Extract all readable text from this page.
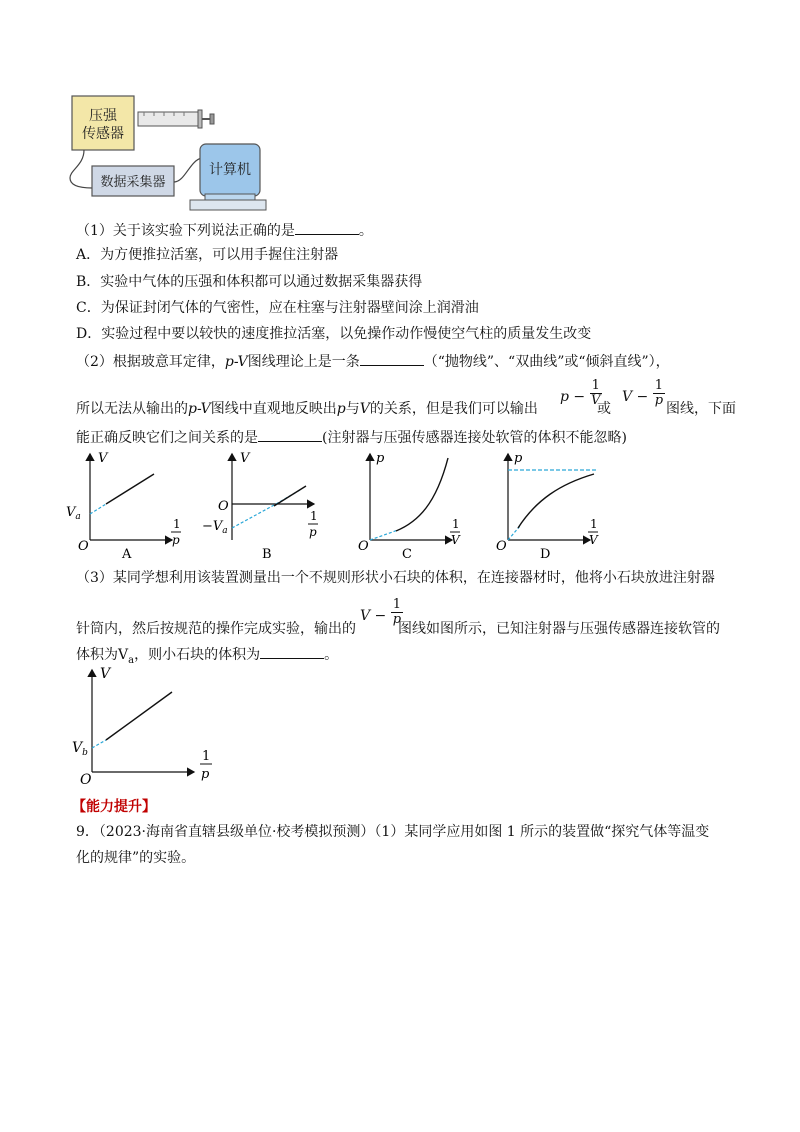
压强
传感器
数据采集器
计算机
（1）关于该实验下列说法正确的是	。
A．为方便推拉活塞，可以用手握住注射器
B．实验中气体的压强和体积都可以通过数据采集器获得
C．为保证封闭气体的气密性，应在柱塞与注射器壁间涂上润滑油
D．实验过程中要以较快的速度推拉活塞，以免操作动作慢使空气柱的质量发生改变
（2）根据玻意耳定律，p-V图线理论上是一条	（“抛物线”、“双曲线”或“倾斜直线”），
所以无法从输出的p-V图线中直观地反映出p与V的关系，但是我们可以输出
$p - \frac{1}{V}$
或
$V - \frac{1}{p}$
图线，下面
能正确反映它们之间关系的是	(注射器与压强传感器连接处软管的体积不能忽略)
V
O
1
p
$V_a$
A
V
O
1
p
$-V_a$
B
p
O
1
V
C
p
O
1
V
D
（3）某同学想利用该装置测量出一个不规则形状小石块的体积，在连接器材时，他将小石块放进注射器
针筒内，然后按规范的操作完成实验，输出的
$V - \frac{1}{p}$
图线如图所示，已知注射器与压强传感器连接软管的
体积为$V_a$，则小石块的体积为	。
V
O
1
p
$V_b$
【能力提升】
9．（2023·海南省直辖县级单位·校考模拟预测）（1）某同学应用如图 1 所示的装置做“探究气体等温变
化的规律”的实验。
